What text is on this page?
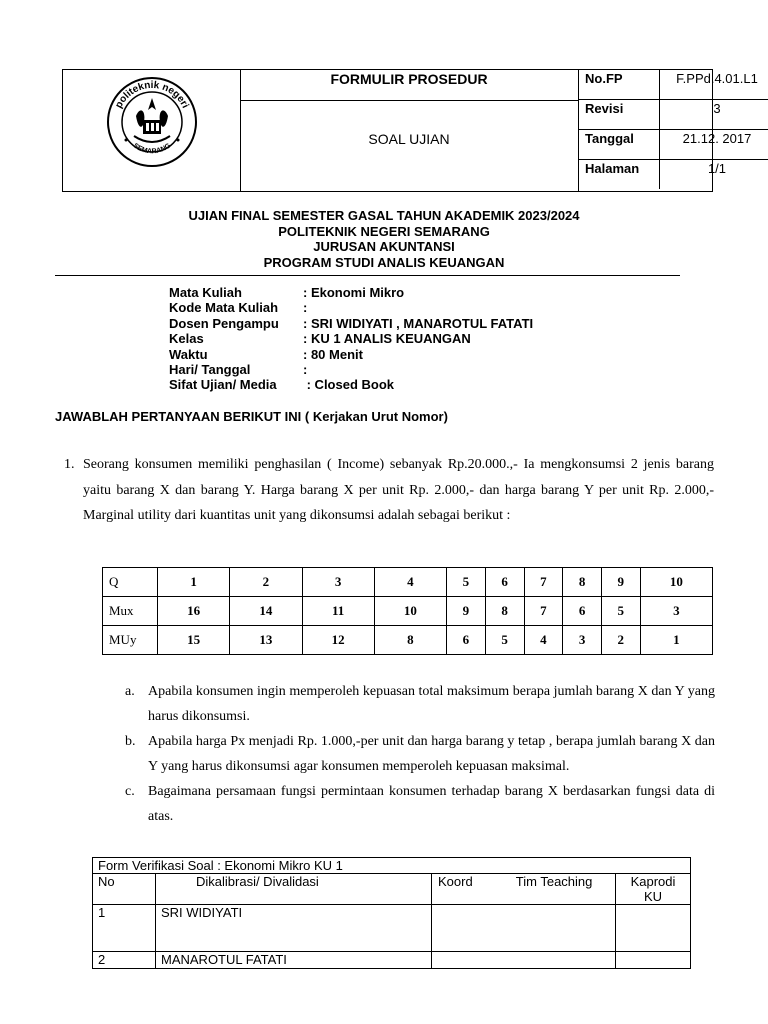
politeknik negeri
SEMARANG
FORMULIR PROSEDUR
SOAL UJIAN
No.FP	F.PPd.4.01.L1
Revisi	3
Tanggal	21.12. 2017
Halaman	1/1
UJIAN FINAL SEMESTER GASAL TAHUN AKADEMIK 2023/2024
POLITEKNIK NEGERI SEMARANG
JURUSAN AKUNTANSI
PROGRAM STUDI ANALIS KEUANGAN
Mata Kuliah	: Ekonomi Mikro
Kode Mata Kuliah	:
Dosen Pengampu	: SRI WIDIYATI , MANAROTUL FATATI
Kelas	: KU 1 ANALIS KEUANGAN
Waktu	: 80 Menit
Hari/ Tanggal	:
Sifat Ujian/ Media	: Closed Book
JAWABLAH PERTANYAAN BERIKUT INI ( Kerjakan Urut Nomor)
1. Seorang konsumen memiliki penghasilan ( Income) sebanyak Rp.20.000.,- Ia mengkonsumsi 2 jenis barang yaitu barang X dan barang Y. Harga barang X per unit Rp. 2.000,- dan harga barang Y per unit Rp. 2.000,- Marginal utility dari kuantitas unit yang dikonsumsi adalah sebagai berikut :
Q	1	2	3	4	5	6	7	8	9	10
Mux	16	14	11	10	9	8	7	6	5	3
MUy	15	13	12	8	6	5	4	3	2	1
a. Apabila konsumen ingin memperoleh kepuasan total maksimum berapa jumlah barang X dan Y yang harus dikonsumsi.
b. Apabila harga Px menjadi Rp. 1.000,-per unit dan harga barang y tetap , berapa jumlah barang X dan Y yang harus dikonsumsi agar konsumen memperoleh kepuasan maksimal.
c. Bagaimana persamaan fungsi permintaan konsumen terhadap barang X berdasarkan fungsi data di atas.
Form Verifikasi Soal : Ekonomi Mikro KU 1			
No	Dikalibrasi/ Divalidasi	Koord            Tim Teaching	Kaprodi KU
1	SRI WIDIYATI		
2	MANAROTUL FATATI		
